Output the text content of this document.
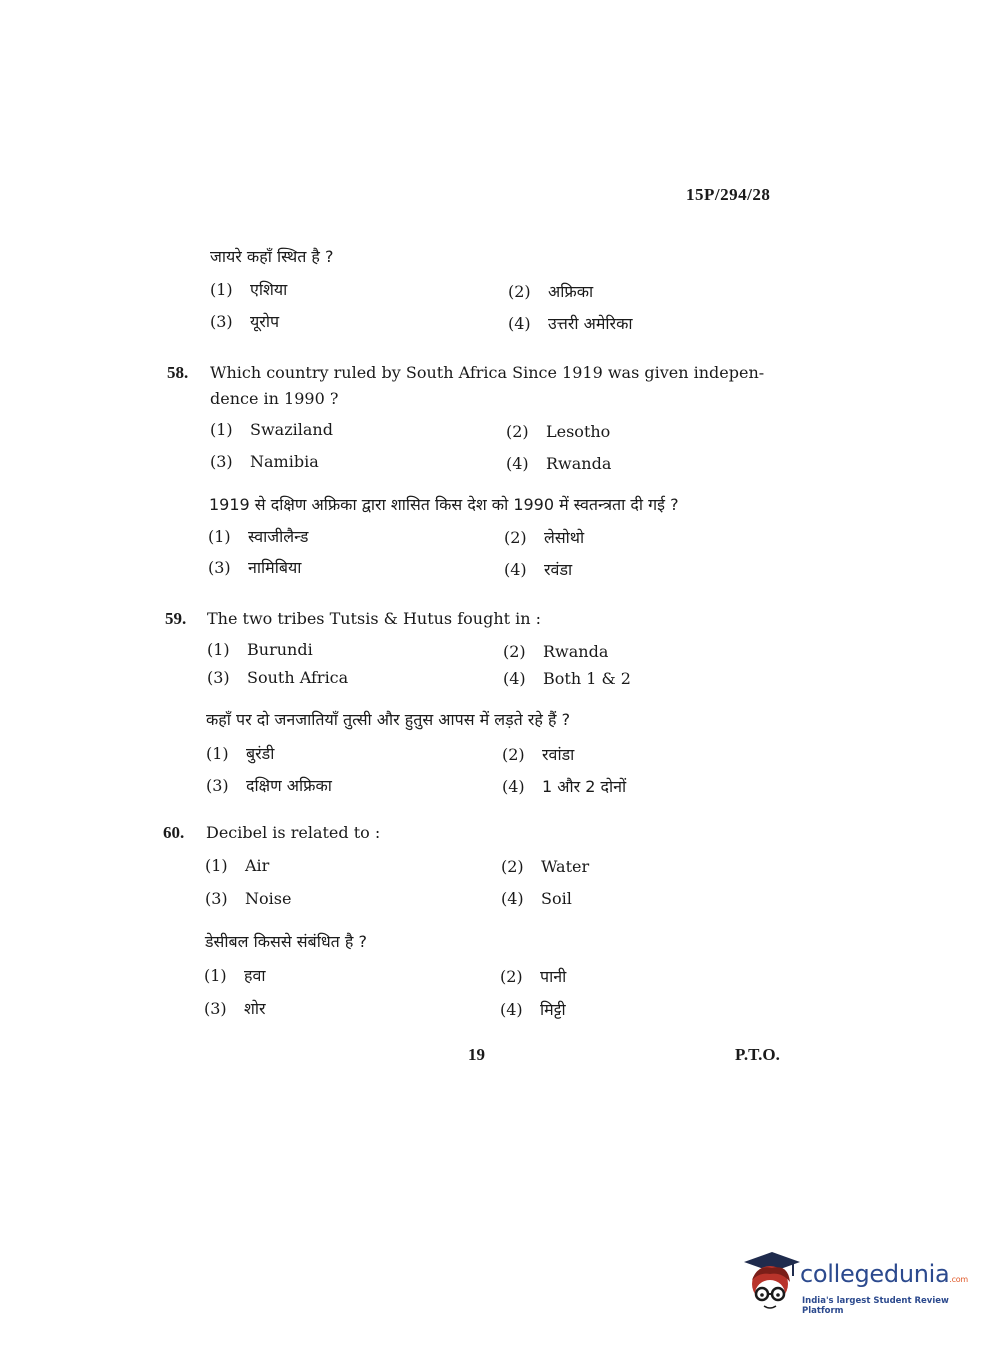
15P/294/28
जायरे कहाँ स्थित है ?
(1) एशिया	(2) अफ्रिका
(3) यूरोप	(4) उत्तरी अमेरिका
58. Which country ruled by South Africa Since 1919 was given indepen-
dence in 1990 ?
(1) Swaziland	(2) Lesotho
(3) Namibia	(4) Rwanda
1919 से दक्षिण अफ्रिका द्वारा शासित किस देश को 1990 में स्वतन्त्रता दी गई ?
(1) स्वाजीलैन्ड	(2) लेसोथो
(3) नामिबिया	(4) रवंडा
59. The two tribes Tutsis & Hutus fought in :
(1) Burundi	(2) Rwanda
(3) South Africa	(4) Both 1 & 2
कहाँ पर दो जनजातियाँ तुत्सी और हुतुस आपस में लड़ते रहे हैं ?
(1) बुरंडी	(2) रवांडा
(3) दक्षिण अफ्रिका	(4) 1 और 2 दोनों
60. Decibel is related to :
(1) Air	(2) Water
(3) Noise	(4) Soil
डेसीबल किससे संबंधित है ?
(1) हवा	(2) पानी
(3) शोर	(4) मिट्टी
19	P.T.O.
collegedunia.com
India's largest Student Review Platform
